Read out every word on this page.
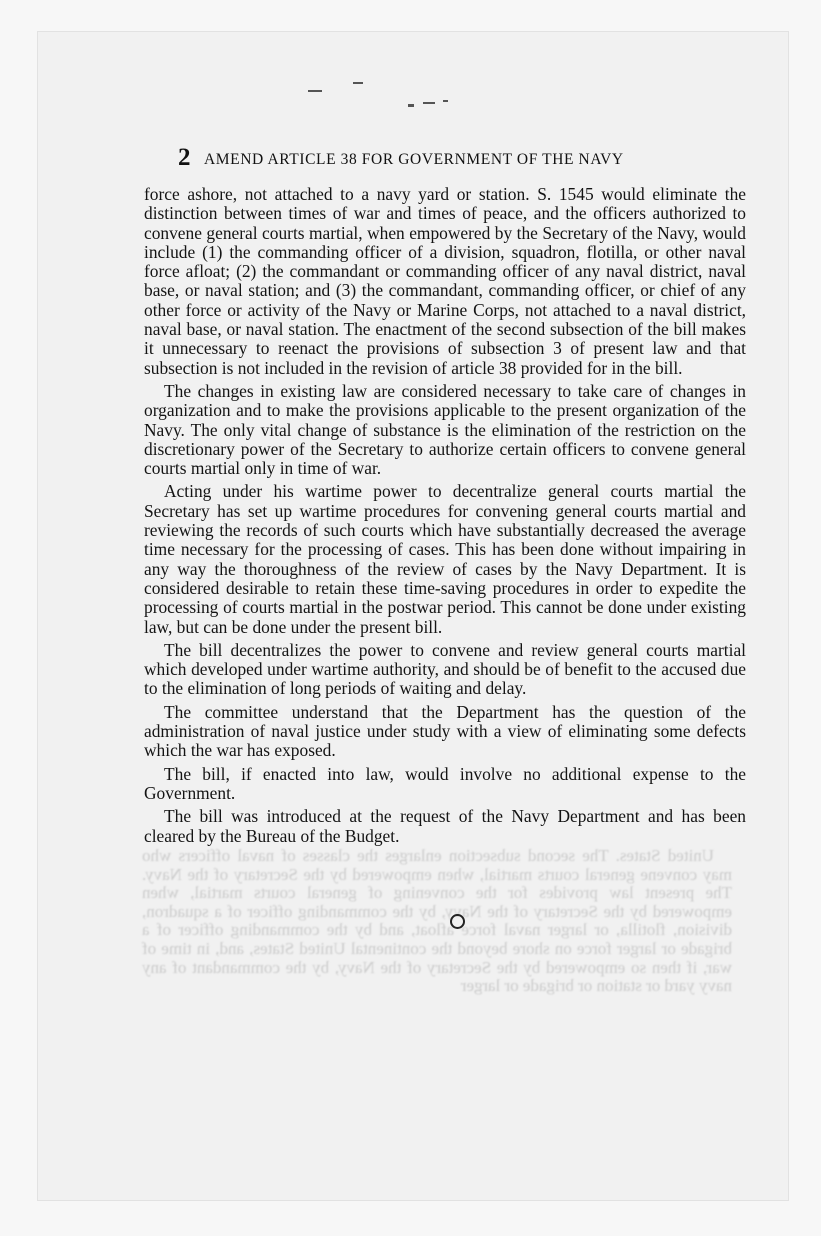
United States. The second subsection enlarges the classes of naval officers who may convene general courts martial, when empowered by the Secretary of the Navy. The present law provides for the convening of general courts martial, when empowered by the Secretary of the Navy, by the commanding officer of a squadron, division, flotilla, or larger naval force afloat, and by the commanding officer of a brigade or larger force on shore beyond the continental United States, and, in time of war, if then so empowered by the Secretary of the Navy, by the commandant of any navy yard or station or brigade or larger

2 AMEND ARTICLE 38 FOR GOVERNMENT OF THE NAVY

force ashore, not attached to a navy yard or station. S. 1545 would eliminate the distinction between times of war and times of peace, and the officers authorized to convene general courts martial, when empowered by the Secretary of the Navy, would include (1) the commanding officer of a division, squadron, flotilla, or other naval force afloat; (2) the commandant or commanding officer of any naval district, naval base, or naval station; and (3) the commandant, commanding officer, or chief of any other force or activity of the Navy or Marine Corps, not attached to a naval district, naval base, or naval station. The enactment of the second subsection of the bill makes it unnecessary to reenact the provisions of subsection 3 of present law and that subsection is not included in the revision of article 38 provided for in the bill.

The changes in existing law are considered necessary to take care of changes in organization and to make the provisions applicable to the present organization of the Navy. The only vital change of substance is the elimination of the restriction on the discretionary power of the Secretary to authorize certain officers to convene general courts martial only in time of war.

Acting under his wartime power to decentralize general courts martial the Secretary has set up wartime procedures for convening general courts martial and reviewing the records of such courts which have substantially decreased the average time necessary for the processing of cases. This has been done without impairing in any way the thoroughness of the review of cases by the Navy Department. It is considered desirable to retain these time-saving procedures in order to expedite the processing of courts martial in the postwar period. This cannot be done under existing law, but can be done under the present bill.

The bill decentralizes the power to convene and review general courts martial which developed under wartime authority, and should be of benefit to the accused due to the elimination of long periods of waiting and delay.

The committee understand that the Department has the question of the administration of naval justice under study with a view of eliminating some defects which the war has exposed.

The bill, if enacted into law, would involve no additional expense to the Government.

The bill was introduced at the request of the Navy Department and has been cleared by the Bureau of the Budget.
